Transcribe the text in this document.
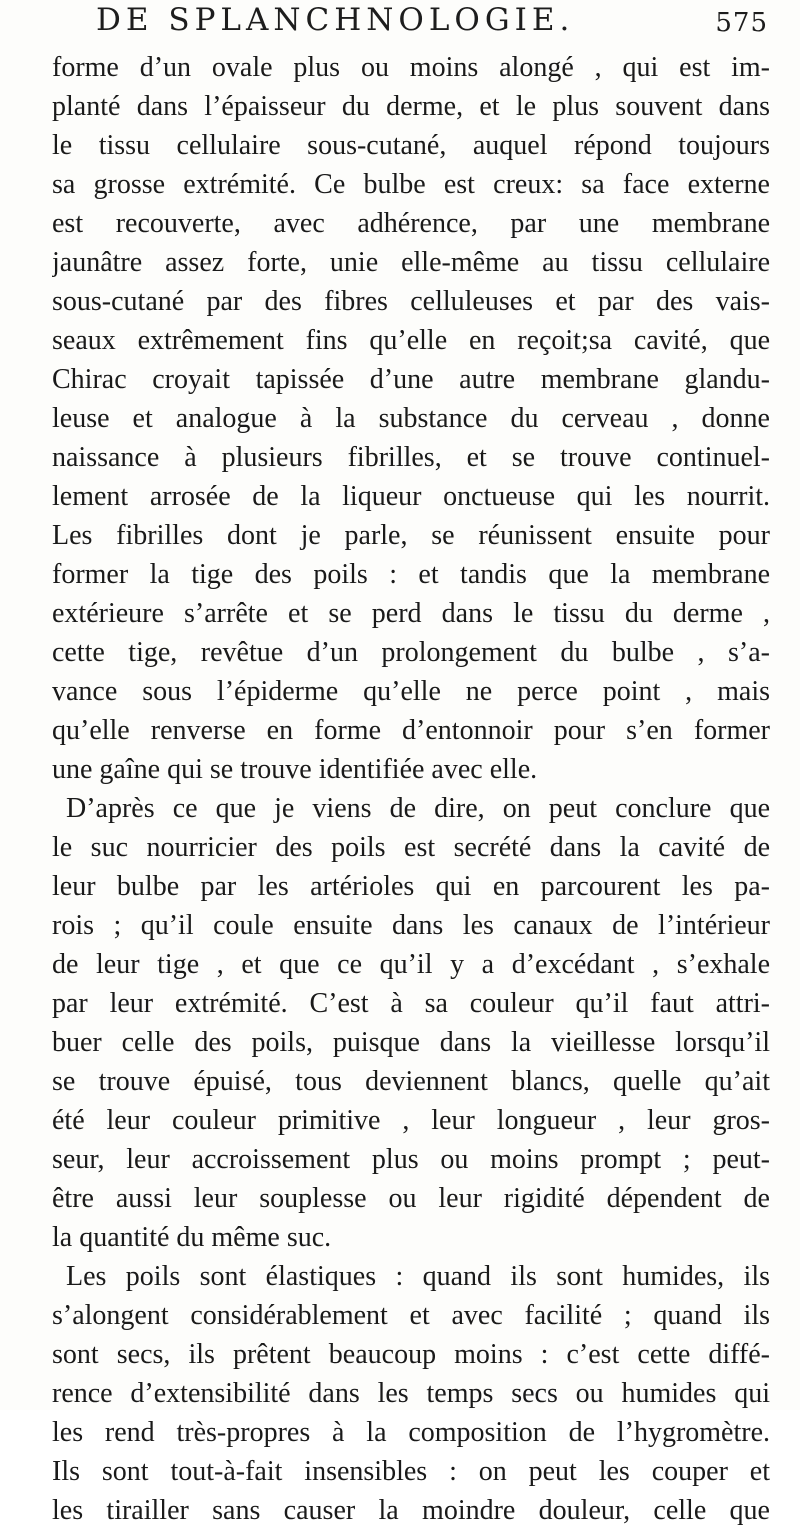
DE SPLANCHNOLOGIE.	575
forme d’un ovale plus ou moins alongé , qui est im-
planté dans l’épaisseur du derme, et le plus souvent dans
le tissu cellulaire sous-cutané, auquel répond toujours
sa grosse extrémité. Ce bulbe est creux: sa face externe
est recouverte, avec adhérence, par une membrane
jaunâtre assez forte, unie elle-même au tissu cellulaire
sous-cutané par des fibres celluleuses et par des vais-
seaux extrêmement fins qu’elle en reçoit;sa cavité, que
Chirac croyait tapissée d’une autre membrane glandu-
leuse et analogue à la substance du cerveau , donne
naissance à plusieurs fibrilles, et se trouve continuel-
lement arrosée de la liqueur onctueuse qui les nourrit.
Les fibrilles dont je parle, se réunissent ensuite pour
former la tige des poils : et tandis que la membrane
extérieure s’arrête et se perd dans le tissu du derme ,
cette tige, revêtue d’un prolongement du bulbe , s’a-
vance sous l’épiderme qu’elle ne perce point , mais
qu’elle renverse en forme d’entonnoir pour s’en former
une gaîne qui se trouve identifiée avec elle.
D’après ce que je viens de dire, on peut conclure que
le suc nourricier des poils est secrété dans la cavité de
leur bulbe par les artérioles qui en parcourent les pa-
rois ; qu’il coule ensuite dans les canaux de l’intérieur
de leur tige , et que ce qu’il y a d’excédant , s’exhale
par leur extrémité. C’est à sa couleur qu’il faut attri-
buer celle des poils, puisque dans la vieillesse lorsqu’il
se trouve épuisé, tous deviennent blancs, quelle qu’ait
été leur couleur primitive , leur longueur , leur gros-
seur, leur accroissement plus ou moins prompt ; peut-
être aussi leur souplesse ou leur rigidité dépendent de
la quantité du même suc.
Les poils sont élastiques : quand ils sont humides, ils
s’alongent considérablement et avec facilité ; quand ils
sont secs, ils prêtent beaucoup moins : c’est cette diffé-
rence d’extensibilité dans les temps secs ou humides qui
les rend très-propres à la composition de l’hygromètre.
Ils sont tout-à-fait insensibles : on peut les couper et
les tirailler sans causer la moindre douleur, celle que
